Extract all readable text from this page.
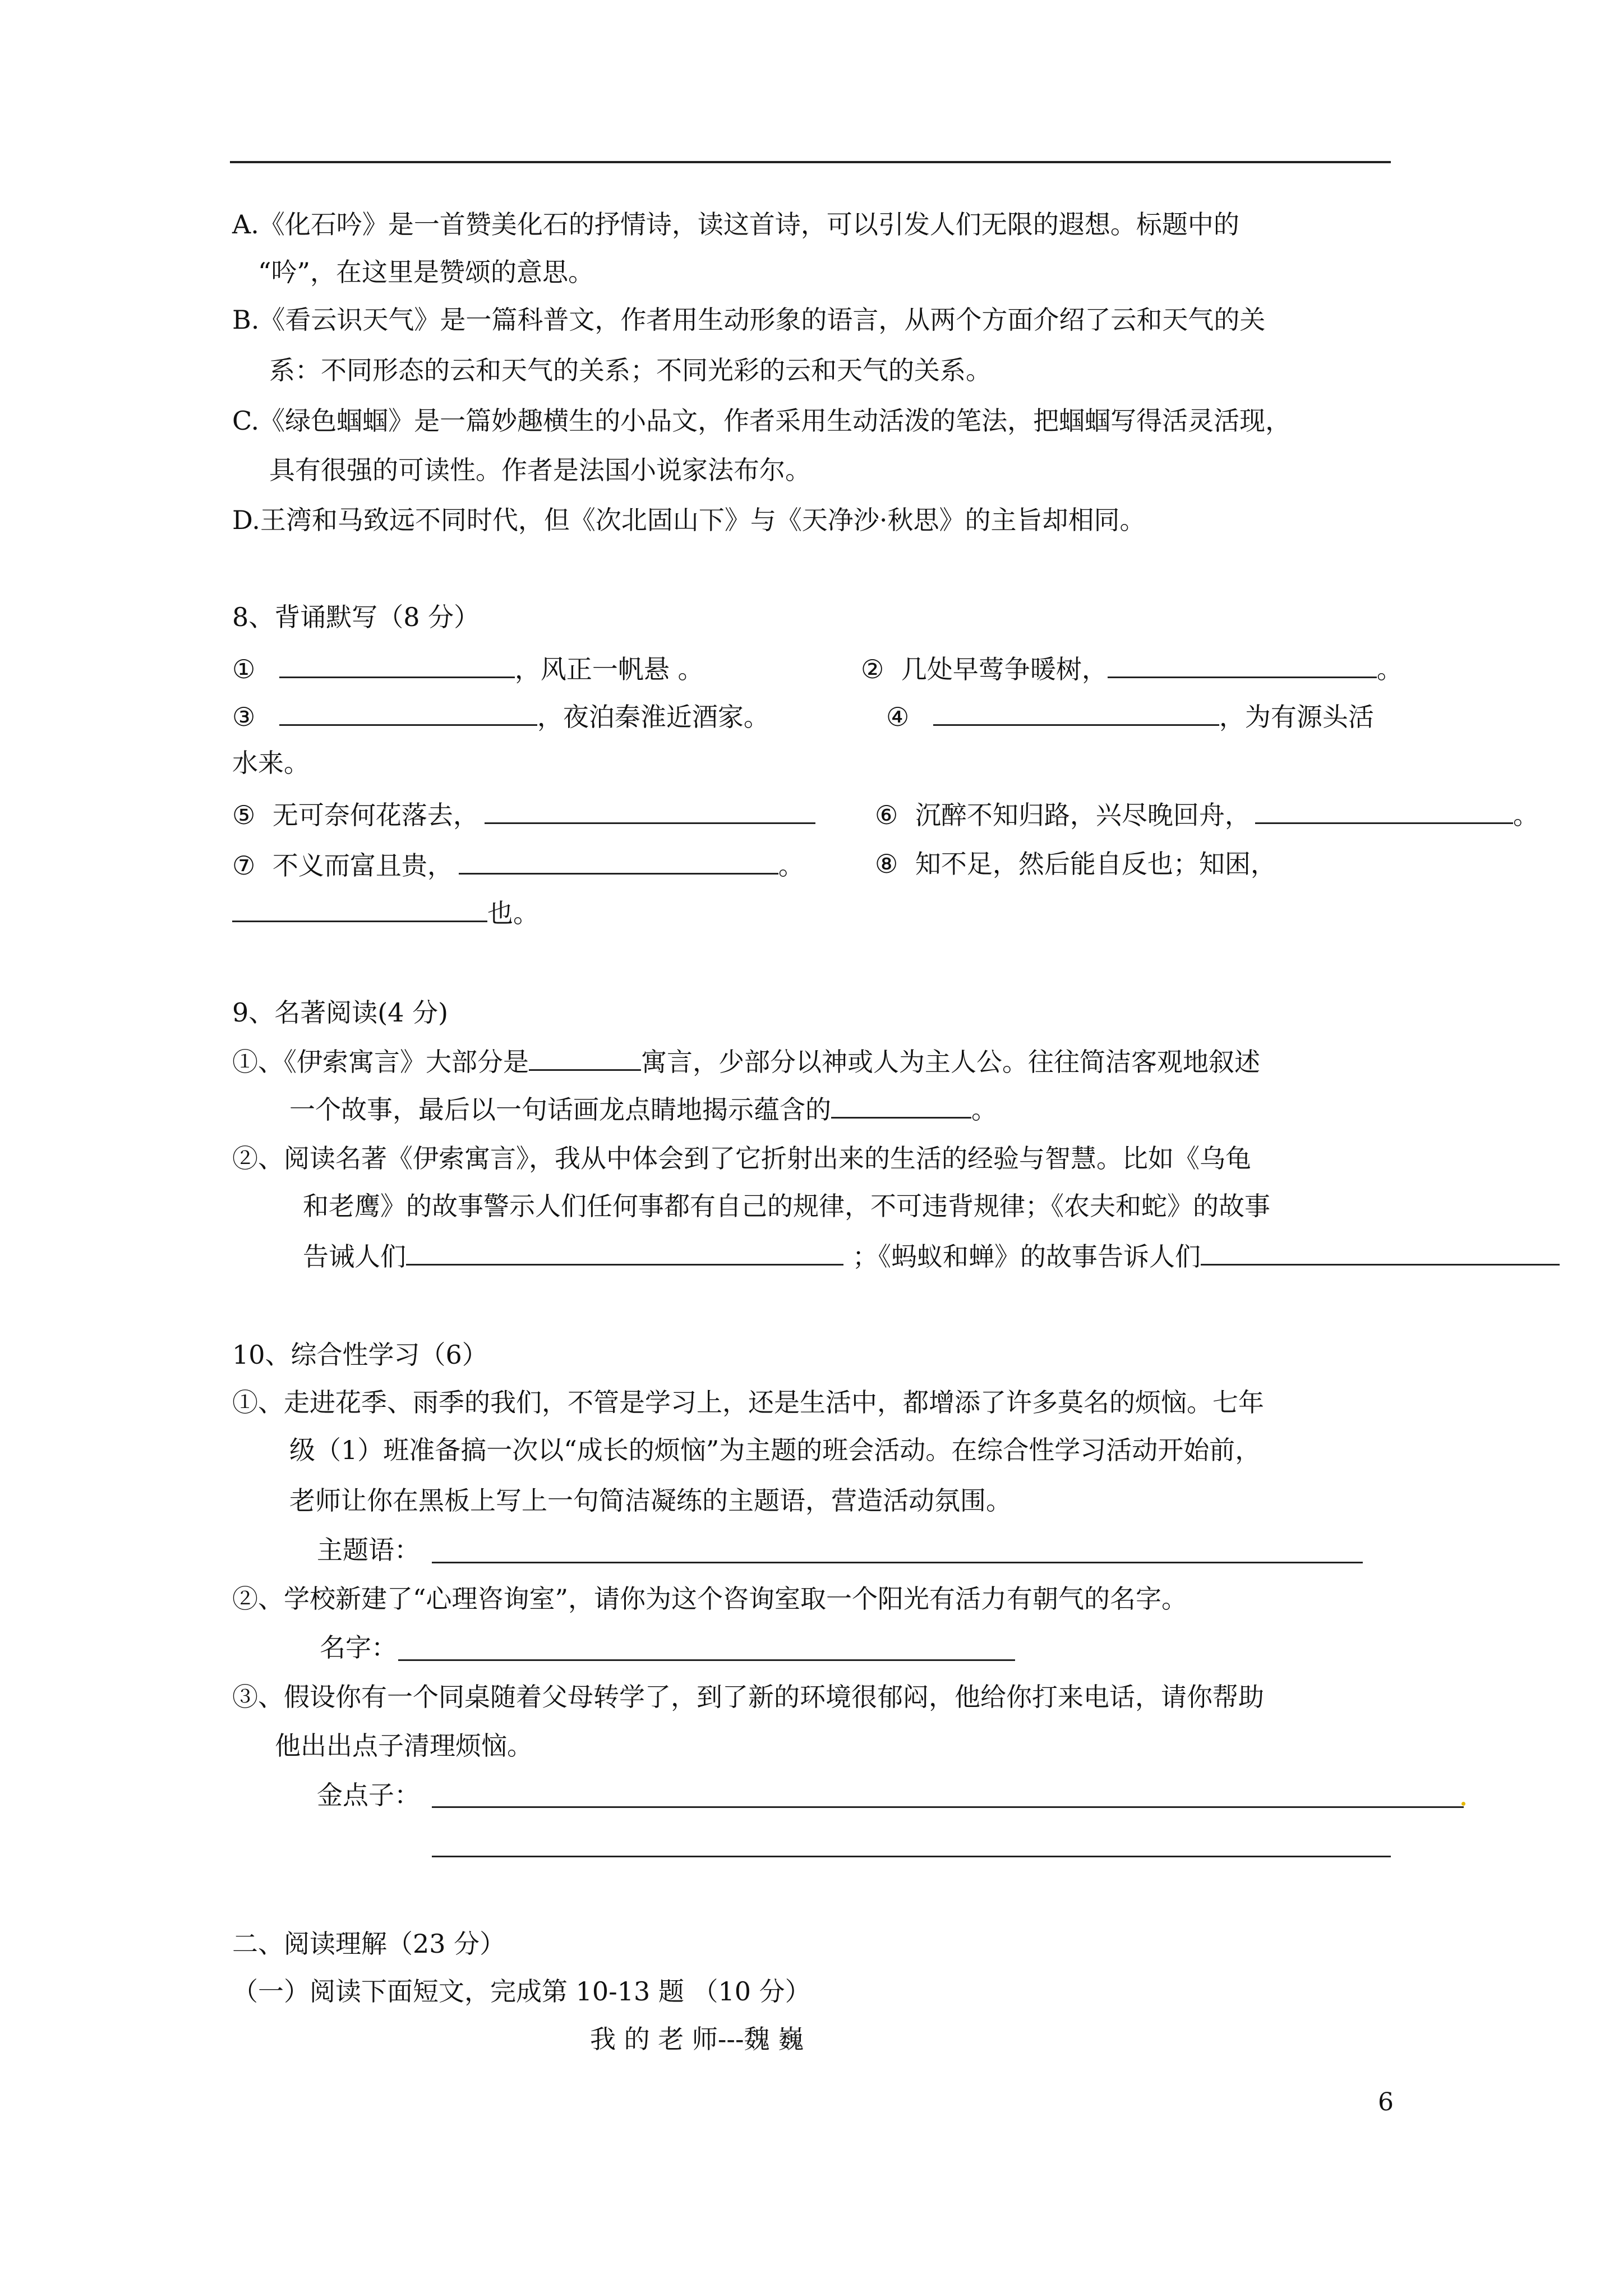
A.《化石吟》是一首赞美化石的抒情诗，读这首诗，可以引发人们无限的遐想。标题中的
“吟”，在这里是赞颂的意思。
B.《看云识天气》是一篇科普文，作者用生动形象的语言，从两个方面介绍了云和天气的关
系：不同形态的云和天气的关系；不同光彩的云和天气的关系。
C.《绿色蝈蝈》是一篇妙趣横生的小品文，作者采用生动活泼的笔法，把蝈蝈写得活灵活现，
具有很强的可读性。作者是法国小说家法布尔。
D.王湾和马致远不同时代，但《次北固山下》与《天净沙·秋思》的主旨却相同。
8、背诵默写（8 分）
①	，风正一帆悬 。	② 几处早莺争暖树，	。
③	，夜泊秦淮近酒家。	④	，为有源头活
水来。
⑤ 无可奈何花落去，	⑥ 沉醉不知归路，兴尽晚回舟，	。
⑦ 不义而富且贵，	。	⑧ 知不足，然后能自反也；知困，
也。
9、名著阅读(4 分)
①、《伊索寓言》大部分是	寓言，少部分以神或人为主人公。往往简洁客观地叙述
一个故事，最后以一句话画龙点睛地揭示蕴含的	。
②、阅读名著《伊索寓言》，我从中体会到了它折射出来的生活的经验与智慧。比如《乌龟
和老鹰》的故事警示人们任何事都有自己的规律，不可违背规律；《农夫和蛇》的故事
告诫人们	；《蚂蚁和蝉》的故事告诉人们
10、综合性学习（6）
①、走进花季、雨季的我们，不管是学习上，还是生活中，都增添了许多莫名的烦恼。七年
级（1）班准备搞一次以“成长的烦恼”为主题的班会活动。在综合性学习活动开始前，
老师让你在黑板上写上一句简洁凝练的主题语，营造活动氛围。
主题语：
②、学校新建了“心理咨询室”，请你为这个咨询室取一个阳光有活力有朝气的名字。
名字：
③、假设你有一个同桌随着父母转学了，到了新的环境很郁闷，他给你打来电话，请你帮助
他出出点子清理烦恼。
金点子：
二、阅读理解（23 分）
（一）阅读下面短文，完成第 10-13 题 （10 分）
我 的 老 师---魏 巍
6
